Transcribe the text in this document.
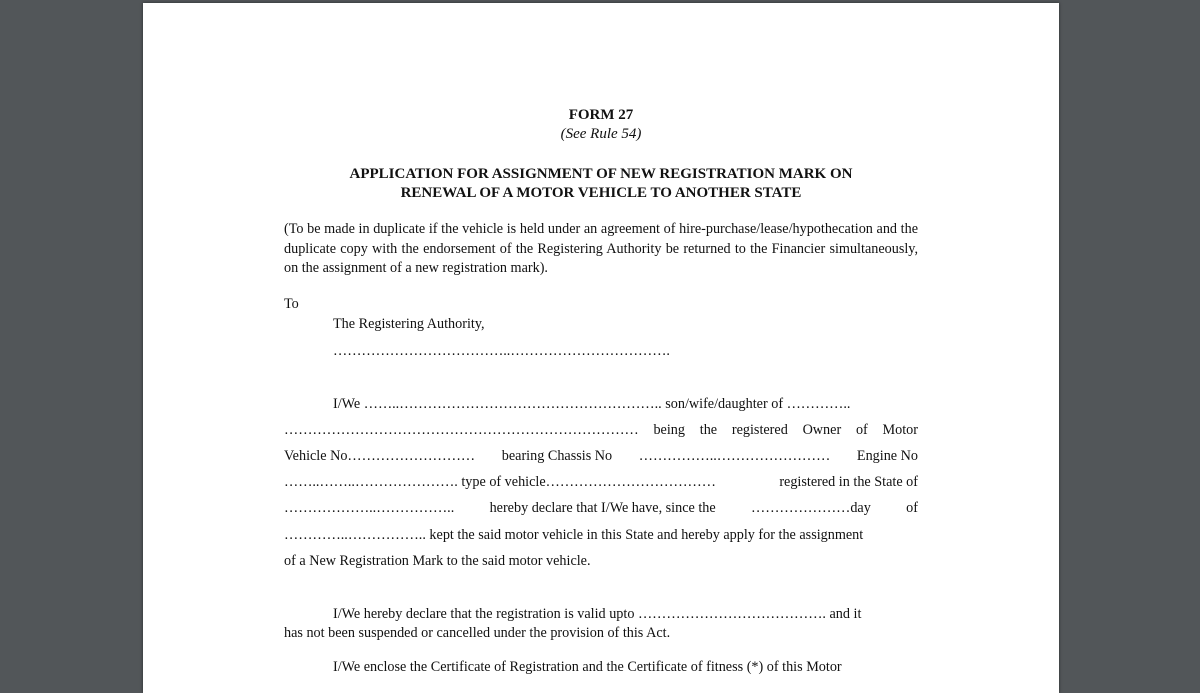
FORM 27
(See Rule 54)
APPLICATION FOR ASSIGNMENT OF NEW REGISTRATION MARK ON
RENEWAL OF A MOTOR VEHICLE TO ANOTHER STATE
(To be made in duplicate if the vehicle is held under an agreement of hire-purchase/lease/hypothecation and the duplicate copy with the endorsement of the Registering Authority be returned to the Financier simultaneously, on the assignment of a new registration mark).
To
The Registering Authority,
………………………………..…………………………….
I/We ……..……………………………………………….. son/wife/daughter of …………..
………………………………………………………………… being the registered Owner of Motor
Vehicle No……………………… bearing Chassis No ……………..…………………… Engine No
……..……..…………………. type of vehicle………………………………	registered in the State of
………………..…………….. hereby declare that I/We have, since the …………………day of
…………..…………….. kept the said motor vehicle in this State and hereby apply for the assignment
of a New Registration Mark to the said motor vehicle.
I/We hereby declare that the registration is valid upto …………………………………. and it
has not been suspended or cancelled under the provision of this Act.
I/We enclose the Certificate of Registration and the Certificate of fitness (*) of this Motor
